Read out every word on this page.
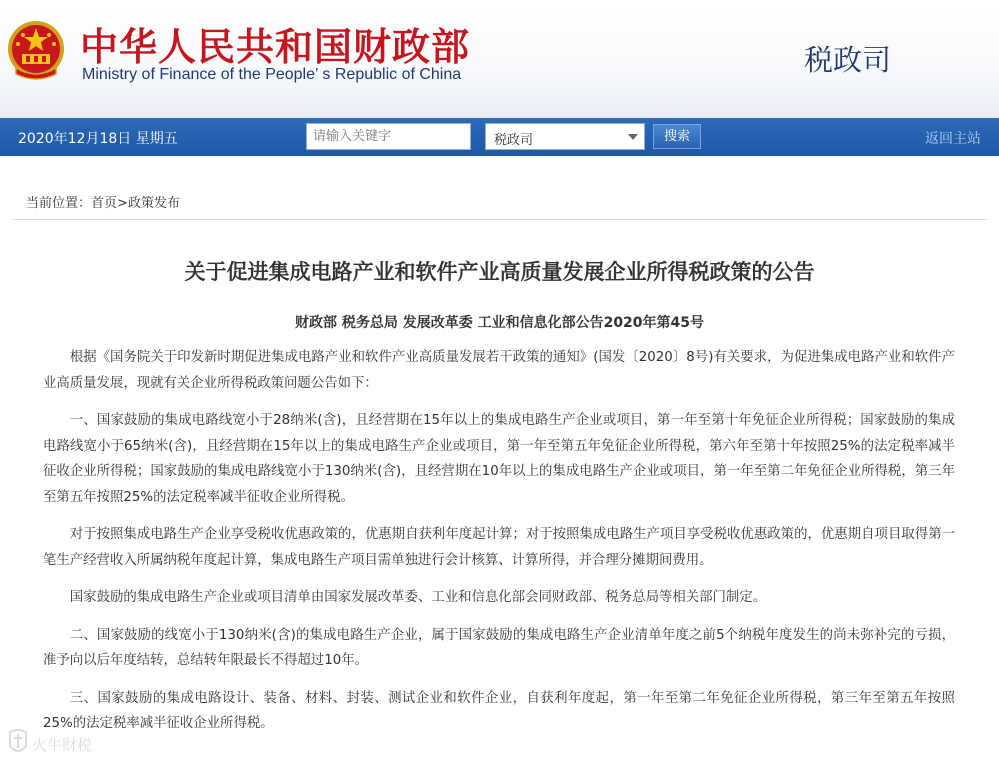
中华人民共和国财政部
Ministry of Finance of the People’ s Republic of China	税政司
2020年12月18日 星期五
请输入关键字	税政司	搜索	返回主站
当前位置：首页>政策发布
关于促进集成电路产业和软件产业高质量发展企业所得税政策的公告
财政部 税务总局 发展改革委 工业和信息化部公告2020年第45号

根据《国务院关于印发新时期促进集成电路产业和软件产业高质量发展若干政策的通知》(国发〔2020〕8号)有关要求，为促进集成电路产业和软件产业高质量发展，现就有关企业所得税政策问题公告如下：

一、国家鼓励的集成电路线宽小于28纳米(含)，且经营期在15年以上的集成电路生产企业或项目，第一年至第十年免征企业所得税；国家鼓励的集成电路线宽小于65纳米(含)，且经营期在15年以上的集成电路生产企业或项目，第一年至第五年免征企业所得税，第六年至第十年按照25%的法定税率减半征收企业所得税；国家鼓励的集成电路线宽小于130纳米(含)，且经营期在10年以上的集成电路生产企业或项目，第一年至第二年免征企业所得税，第三年至第五年按照25%的法定税率减半征收企业所得税。

对于按照集成电路生产企业享受税收优惠政策的，优惠期自获利年度起计算；对于按照集成电路生产项目享受税收优惠政策的，优惠期自项目取得第一笔生产经营收入所属纳税年度起计算，集成电路生产项目需单独进行会计核算、计算所得，并合理分摊期间费用。

国家鼓励的集成电路生产企业或项目清单由国家发展改革委、工业和信息化部会同财政部、税务总局等相关部门制定。

二、国家鼓励的线宽小于130纳米(含)的集成电路生产企业，属于国家鼓励的集成电路生产企业清单年度之前5个纳税年度发生的尚未弥补完的亏损，准予向以后年度结转，总结转年限最长不得超过10年。

三、国家鼓励的集成电路设计、装备、材料、封装、测试企业和软件企业，自获利年度起，第一年至第二年免征企业所得税，第三年至第五年按照25%的法定税率减半征收企业所得税。

火牛财税
